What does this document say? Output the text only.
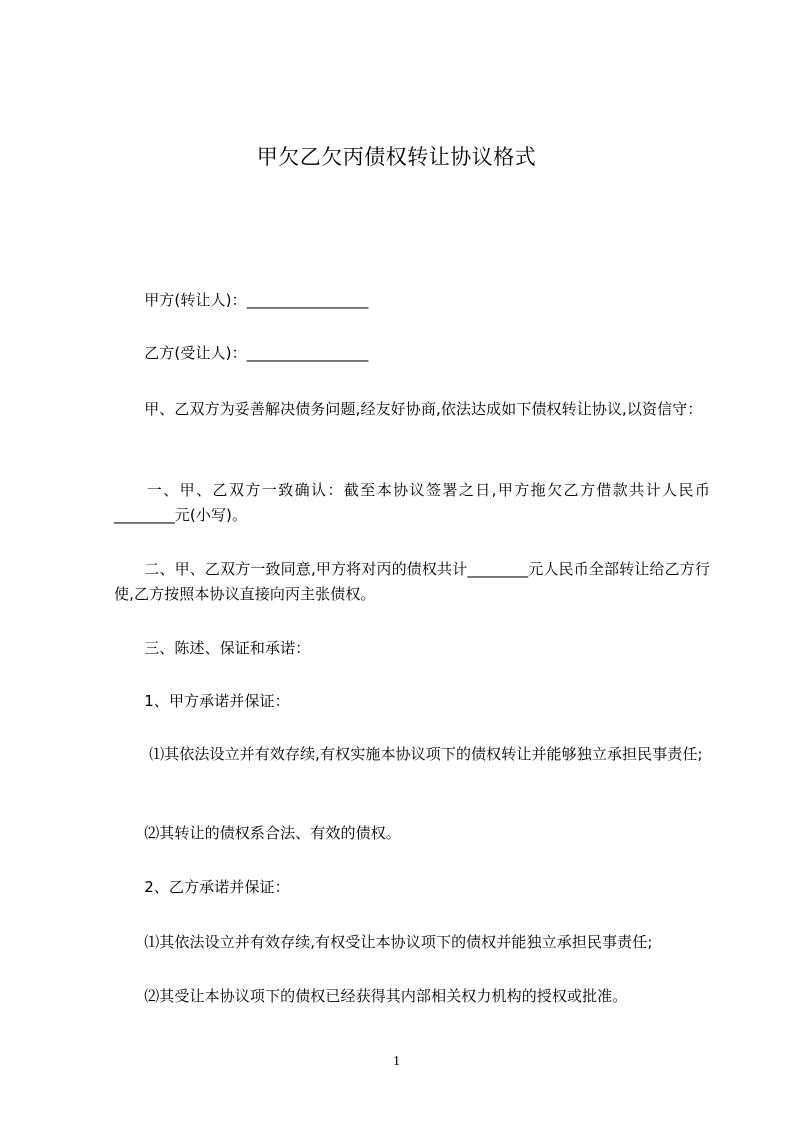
甲欠乙欠丙债权转让协议格式
　　甲方(转让人)：________________
　　乙方(受让人)：________________
　　甲、乙双方为妥善解决债务问题,经友好协商,依法达成如下债权转让协议,以资信守：
　　一、甲、乙双方一致确认：截至本协议签署之日,甲方拖欠乙方借款共计人民币________元(小写)。
　　二、甲、乙双方一致同意,甲方将对丙的债权共计________元人民币全部转让给乙方行使,乙方按照本协议直接向丙主张债权。
　　三、陈述、保证和承诺：
　　1、甲方承诺并保证：
　　 ⑴其依法设立并有效存续,有权实施本协议项下的债权转让并能够独立承担民事责任;
　　⑵其转让的债权系合法、有效的债权。
　　2、乙方承诺并保证：
　　⑴其依法设立并有效存续,有权受让本协议项下的债权并能独立承担民事责任;
　　⑵其受让本协议项下的债权已经获得其内部相关权力机构的授权或批准。
1
